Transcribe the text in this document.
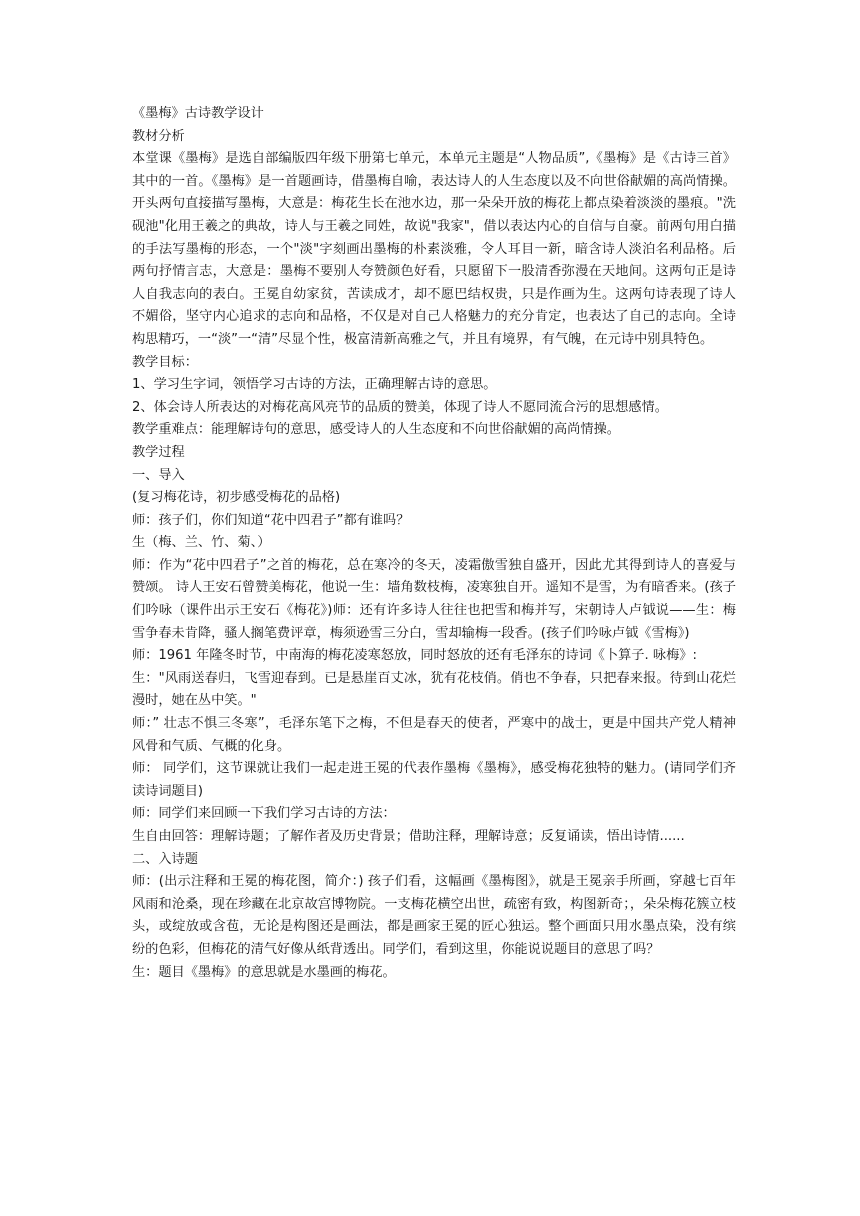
《墨梅》古诗教学设计

教材分析

本堂课《墨梅》是选自部编版四年级下册第七单元，本单元主题是“人物品质”,《墨梅》是《古诗三首》其中的一首。《墨梅》是一首题画诗，借墨梅自喻，表达诗人的人生态度以及不向世俗献媚的高尚情操。开头两句直接描写墨梅，大意是：梅花生长在池水边，那一朵朵开放的梅花上都点染着淡淡的墨痕。"洗砚池"化用王羲之的典故，诗人与王羲之同姓，故说"我家"，借以表达内心的自信与自豪。前两句用白描的手法写墨梅的形态，一个"淡"字刻画出墨梅的朴素淡雅，令人耳目一新，暗含诗人淡泊名利品格。后两句抒情言志，大意是：墨梅不要别人夸赞颜色好看，只愿留下一股清香弥漫在天地间。这两句正是诗人自我志向的表白。王冕自幼家贫，苦读成才，却不愿巴结权贵，只是作画为生。这两句诗表现了诗人不媚俗，坚守内心追求的志向和品格，不仅是对自己人格魅力的充分肯定，也表达了自己的志向。全诗构思精巧，一“淡”一“清”尽显个性，极富清新高雅之气，并且有境界，有气魄，在元诗中别具特色。

教学目标：

1、学习生字词，领悟学习古诗的方法，正确理解古诗的意思。

2、体会诗人所表达的对梅花高风亮节的品质的赞美，体现了诗人不愿同流合污的思想感情。

教学重难点：能理解诗句的意思，感受诗人的人生态度和不向世俗献媚的高尚情操。

教学过程

一、导入

(复习梅花诗，初步感受梅花的品格)

师：孩子们，你们知道“花中四君子”都有谁吗？

生（梅、兰、竹、菊、）

师：作为“花中四君子”之首的梅花，总在寒冷的冬天，凌霜傲雪独自盛开，因此尤其得到诗人的喜爱与赞颂。 诗人王安石曾赞美梅花，他说一生：墙角数枝梅，凌寒独自开。遥知不是雪，为有暗香来。(孩子们吟咏（课件出示王安石《梅花》)师：还有许多诗人往往也把雪和梅并写，宋朝诗人卢钺说——生：梅雪争春未肯降，骚人搁笔费评章，梅须逊雪三分白，雪却输梅一段香。(孩子们吟咏卢钺《雪梅》)

师：1961 年隆冬时节，中南海的梅花凌寒怒放，同时怒放的还有毛泽东的诗词《卜算子. 咏梅》:

生："风雨送春归，飞雪迎春到。已是悬崖百丈冰，犹有花枝俏。俏也不争春，只把春来报。待到山花烂漫时，她在丛中笑。"

师：” 壮志不惧三冬寒”，毛泽东笔下之梅，不但是春天的使者，严寒中的战士，更是中国共产党人精神风骨和气质、气概的化身。

师： 同学们，这节课就让我们一起走进王冕的代表作墨梅《墨梅》，感受梅花独特的魅力。(请同学们齐读诗词题目)

师：同学们来回顾一下我们学习古诗的方法：

生自由回答：理解诗题；了解作者及历史背景；借助注释，理解诗意；反复诵读，悟出诗情......

二、入诗题

师：(出示注释和王冕的梅花图，简介：) 孩子们看，这幅画《墨梅图》，就是王冕亲手所画，穿越七百年风雨和沧桑，现在珍藏在北京故宫博物院。一支梅花横空出世，疏密有致，构图新奇；，朵朵梅花簇立枝头，或绽放或含苞，无论是构图还是画法，都是画家王冕的匠心独运。整个画面只用水墨点染，没有缤纷的色彩，但梅花的清气好像从纸背透出。同学们，看到这里，你能说说题目的意思了吗？

生：题目《墨梅》的意思就是水墨画的梅花。
